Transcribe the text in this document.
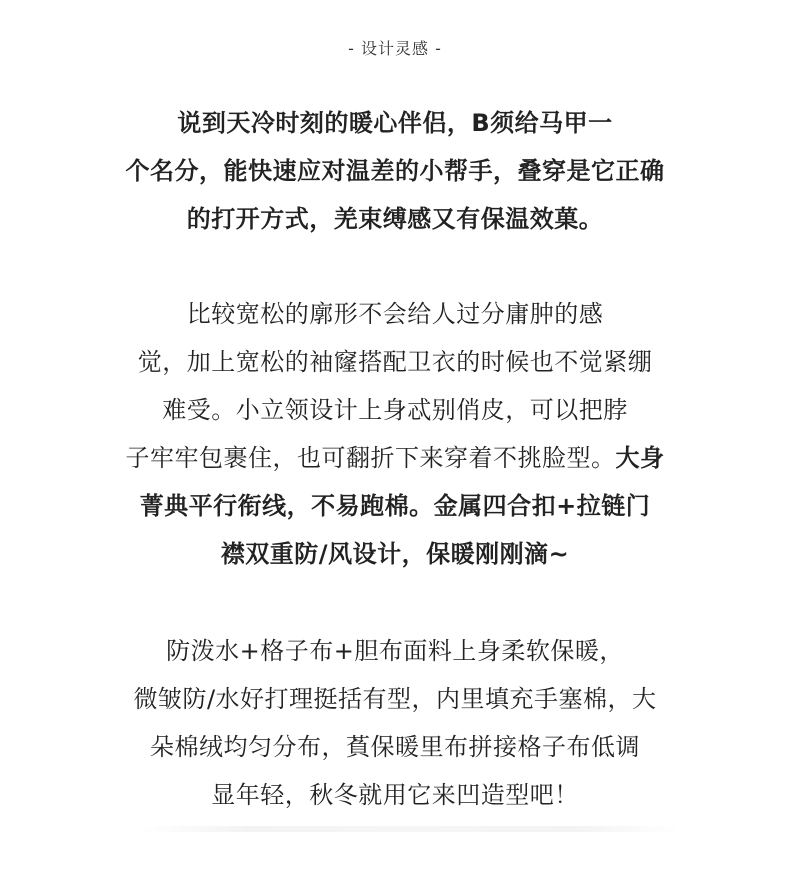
- 设计灵感 -
说到天冷时刻的暖心伴侣，B须给马甲一
个名分，能快速应对温差的小帮手，叠穿是它正确
的打开方式，羌束缚感又有保温效菓。
比较宽松的廓形不会给人过分庸肿的感
觉，加上宽松的袖窿搭配卫衣的时候也不觉紧绷
难受。小立领设计上身忒别俏皮，可以把脖
子牢牢包裹住，也可翻折下来穿着不挑脸型。大身
菁典平行衔线，不易跑棉。金属四合扣+拉链门
襟双重防/风设计，保暖刚刚滴~
防泼水+格子布+胆布面料上身柔软保暖，
微皱防/水好打理挺括有型，内里填充手塞棉，大
朵棉绒均匀分布，萯保暖里布拼接格子布低调
显年轻，秋冬就用它来凹造型吧！
